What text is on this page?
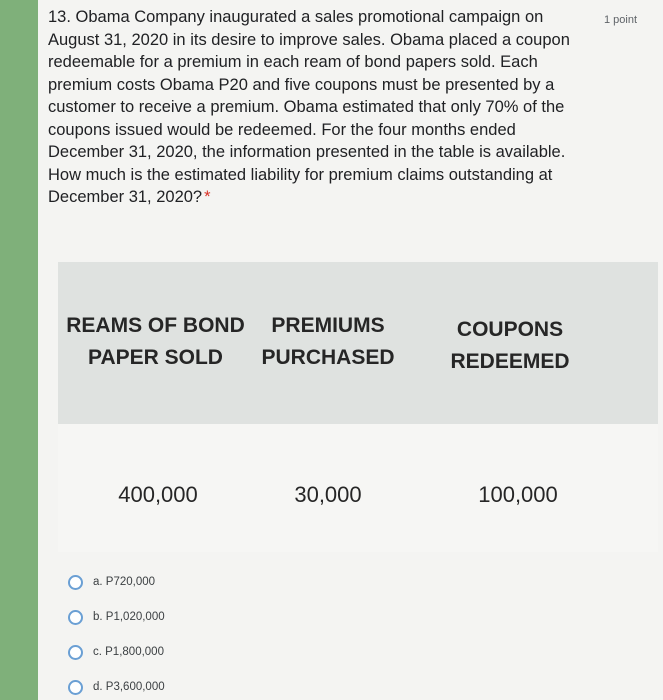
13. Obama Company inaugurated a sales promotional campaign on August 31, 2020 in its desire to improve sales. Obama placed a coupon redeemable for a premium in each ream of bond papers sold. Each premium costs Obama P20 and five coupons must be presented by a customer to receive a premium. Obama estimated that only 70% of the coupons issued would be redeemed. For the four months ended December 31, 2020, the information presented in the table is available. How much is the estimated liability for premium claims outstanding at December 31, 2020? *
1 point
REAMS OF BOND
PAPER SOLD
PREMIUMS
PURCHASED
COUPONS
REDEEMED
400,000	30,000	100,000
a. P720,000
b. P1,020,000
c. P1,800,000
d. P3,600,000
